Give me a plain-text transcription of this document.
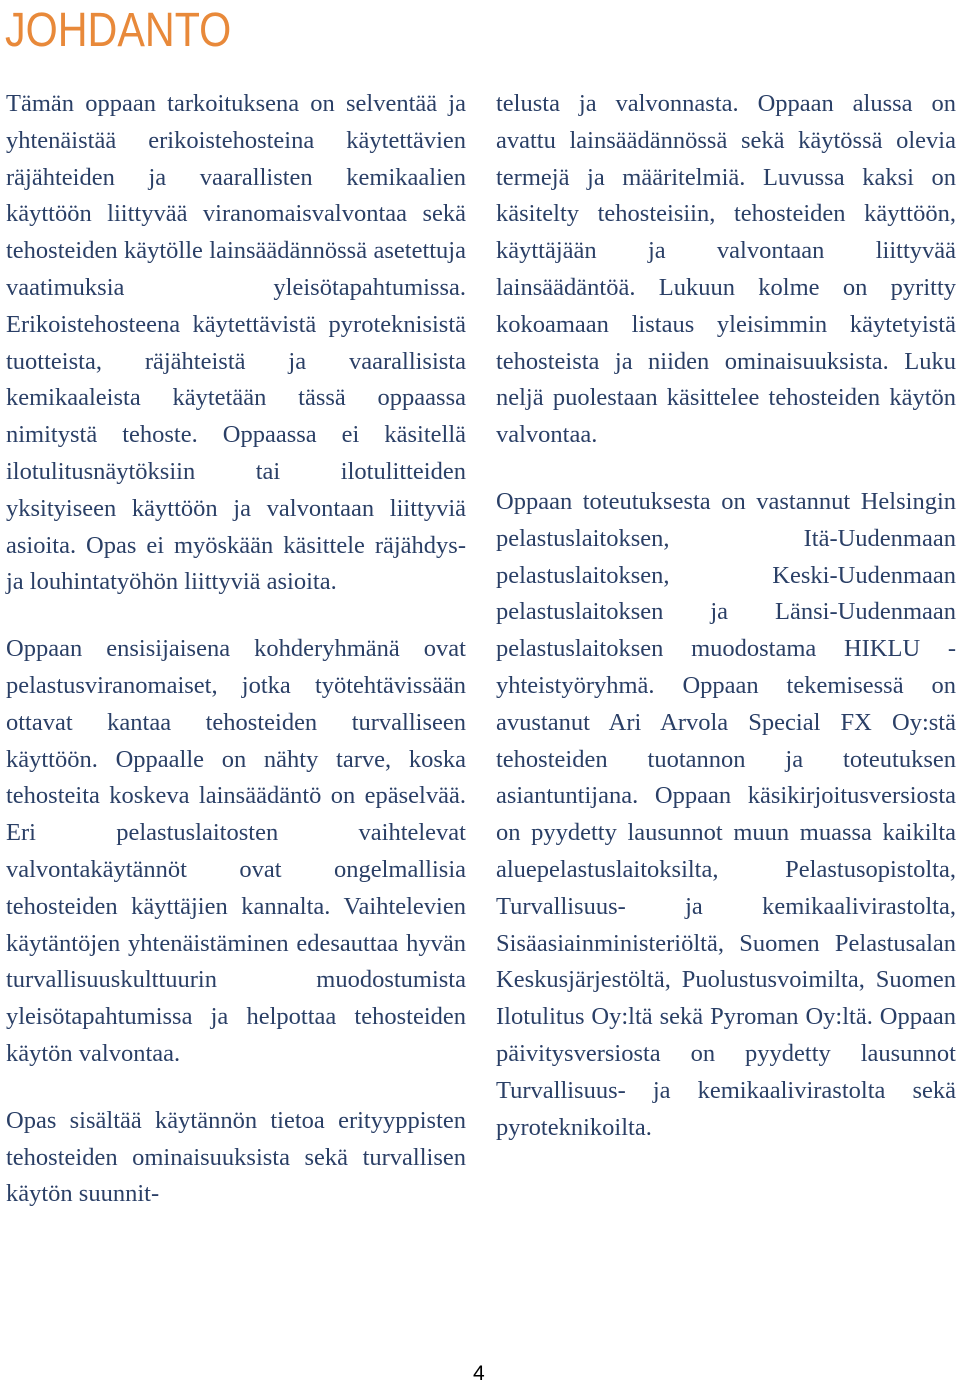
JOHDANTO

Tämän oppaan tarkoituksena on selventää ja yhtenäistää erikoistehosteina käytettävien räjähteiden ja vaarallisten kemikaalien käyttöön liittyvää viranomaisvalvontaa sekä tehosteiden käytölle lainsäädännössä asetettuja vaatimuksia yleisötapahtumissa. Erikoistehosteena käytettävistä pyroteknisistä tuotteista, räjähteistä ja vaarallisista kemikaaleista käytetään tässä oppaassa nimitystä tehoste. Oppaassa ei käsitellä ilotulitusnäytöksiin tai ilotulitteiden yksityiseen käyttöön ja valvontaan liittyviä asioita. Opas ei myöskään käsittele räjähdys- ja louhintatyöhön liittyviä asioita.

Oppaan ensisijaisena kohderyhmänä ovat pelastusviranomaiset, jotka työtehtävissään ottavat kantaa tehosteiden turvalliseen käyttöön. Oppaalle on nähty tarve, koska tehosteita koskeva lainsäädäntö on epäselvää. Eri pelastuslaitosten vaihtelevat valvontakäytännöt ovat ongelmallisia tehosteiden käyttäjien kannalta. Vaihtelevien käytäntöjen yhtenäistäminen edesauttaa hyvän turvallisuuskulttuurin muodostumista yleisötapahtumissa ja helpottaa tehosteiden käytön valvontaa.

Opas sisältää käytännön tietoa erityyppisten tehosteiden ominaisuuksista sekä turvallisen käytön suunnit-

telusta ja valvonnasta. Oppaan alussa on avattu lainsäädännössä sekä käytössä olevia termejä ja määritelmiä. Luvussa kaksi on käsitelty tehosteisiin, tehosteiden käyttöön, käyttäjään ja valvontaan liittyvää lainsäädäntöä. Lukuun kolme on pyritty kokoamaan listaus yleisimmin käytetyistä tehosteista ja niiden ominaisuuksista. Luku neljä puolestaan käsittelee tehosteiden käytön valvontaa.

Oppaan toteutuksesta on vastannut Helsingin pelastuslaitoksen, Itä-Uudenmaan pelastuslaitoksen, Keski-Uudenmaan pelastuslaitoksen ja Länsi-Uudenmaan pelastuslaitoksen muodostama HIKLU -yhteistyöryhmä. Oppaan tekemisessä on avustanut Ari Arvola Special FX Oy:stä tehosteiden tuotannon ja toteutuksen asiantuntijana. Oppaan käsikirjoitusversiosta on pyydetty lausunnot muun muassa kaikilta aluepelastuslaitoksilta, Pelastusopistolta, Turvallisuus- ja kemikaalivirastolta, Sisäasiainministeriöltä, Suomen Pelastusalan Keskusjärjestöltä, Puolustusvoimilta, Suomen Ilotulitus Oy:ltä sekä Pyroman Oy:ltä. Oppaan päivitysversiosta on pyydetty lausunnot Turvallisuus- ja kemikaalivirastolta sekä pyroteknikoilta.

4
